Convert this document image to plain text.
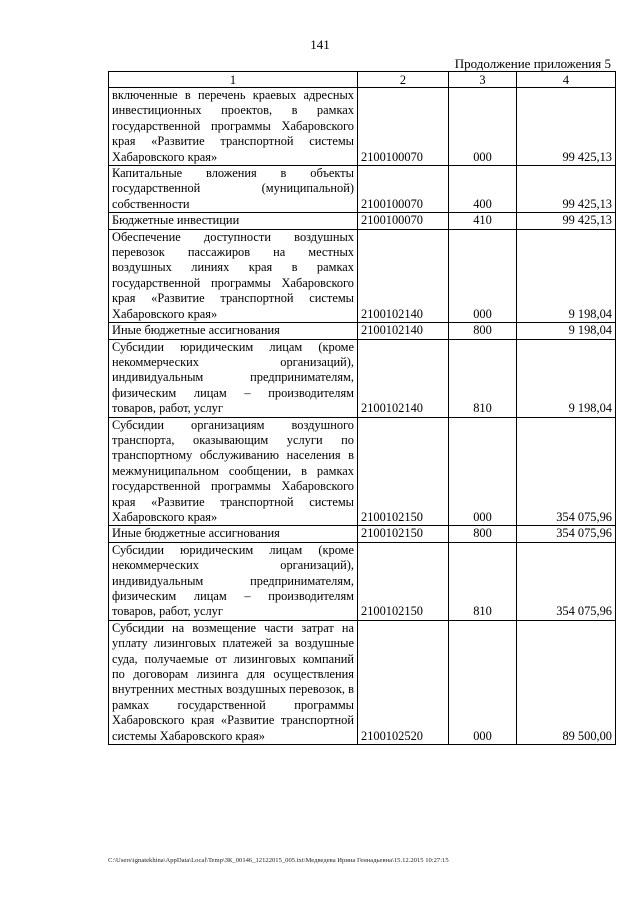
141
Продолжение приложения 5
1	2	3	4
включенные в перечень краевых адресных инвестиционных проектов, в рамках государственной программы Хабаровского края «Развитие транспортной системы Хабаровского края»	2100100070	000	99 425,13
Капитальные вложения в объекты государственной (муниципальной) собственности	2100100070	400	99 425,13
Бюджетные инвестиции	2100100070	410	99 425,13
Обеспечение доступности воздушных перевозок пассажиров на местных воздушных линиях края в рамках государственной программы Хабаровского края «Развитие транспортной системы Хабаровского края»	2100102140	000	9 198,04
Иные бюджетные ассигнования	2100102140	800	9 198,04
Субсидии юридическим лицам (кроме некоммерческих организаций), индивидуальным предпринимателям, физическим лицам – производителям товаров, работ, услуг	2100102140	810	9 198,04
Субсидии организациям воздушного транспорта, оказывающим услуги по транспортному обслуживанию населения в межмуниципальном сообщении, в рамках государственной программы Хабаровского края «Развитие транспортной системы Хабаровского края»	2100102150	000	354 075,96
Иные бюджетные ассигнования	2100102150	800	354 075,96
Субсидии юридическим лицам (кроме некоммерческих организаций), индивидуальным предпринимателям, физическим лицам – производителям товаров, работ, услуг	2100102150	810	354 075,96
Субсидии на возмещение части затрат на уплату лизинговых платежей за воздушные суда, получаемые от лизинговых компаний по договорам лизинга для осуществления внутренних местных воздушных перевозок, в рамках государственной программы Хабаровского края «Развитие транспортной системы Хабаровского края»	2100102520	000	89 500,00
C:\Users\ignatekhina\AppData\Local\Temp\ЗК_00146_12122015_005.txt\Медведева Ирина Геннадьевна\15.12.2015 10:27:15
